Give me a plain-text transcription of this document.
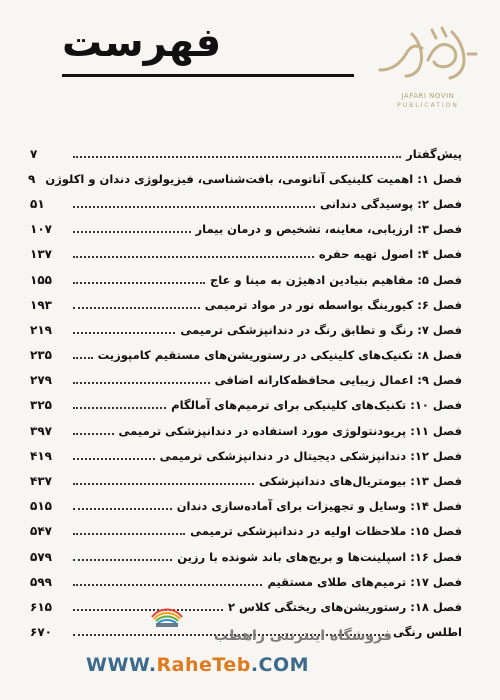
فهرست
JAFARI NOVIN
PUBLICATION
پیش‌گفتار
۷
فصل ۱: اهمیت کلینیکی آناتومی، بافت‌شناسی، فیزیولوژی دندان و اکلوژن
۹
فصل ۲: پوسیدگی دندانی
۵۱
فصل ۳: ارزیابی، معاینه، تشخیص و درمان بیمار
۱۰۷
فصل ۴: اصول تهیه حفره
۱۳۷
فصل ۵: مفاهیم بنیادین ادهیژن به مینا و عاج
۱۵۵
فصل ۶: کیورینگ بواسطه نور در مواد ترمیمی
۱۹۳
فصل ۷: رنگ و تطابق رنگ در دندانپزشکی ترمیمی
۲۱۹
فصل ۸: تکنیک‌های کلینیکی در رستوریشن‌های مستقیم کامپوزیت
۲۳۵
فصل ۹: اعمال زیبایی محافظه‌کارانه اضافی
۲۷۹
فصل ۱۰: تکنیک‌های کلینیکی برای ترمیم‌های آمالگام
۳۲۵
فصل ۱۱: پریودنتولوژی مورد استفاده در دندانپزشکی ترمیمی
۳۹۷
فصل ۱۲: دندانپزشکی دیجیتال در دندانپزشکی ترمیمی
۴۱۹
فصل ۱۳: بیومتریال‌های دندانپزشکی
۴۳۷
فصل ۱۴: وسایل و تجهیزات برای آماده‌سازی دندان
۵۱۵
فصل ۱۵: ملاحظات اولیه در دندانپزشکی ترمیمی
۵۴۷
فصل ۱۶: اسپلینت‌ها و بریج‌های باند شونده با رزین
۵۷۹
فصل ۱۷: ترمیم‌های طلای مستقیم
۵۹۹
فصل ۱۸: رستوریشن‌های ریختگی کلاس ۲
۶۱۵
اطلس رنگی
۶۷۰	فروشگاه اینترنتی راهطب
WWW.RaheTeb.COM
